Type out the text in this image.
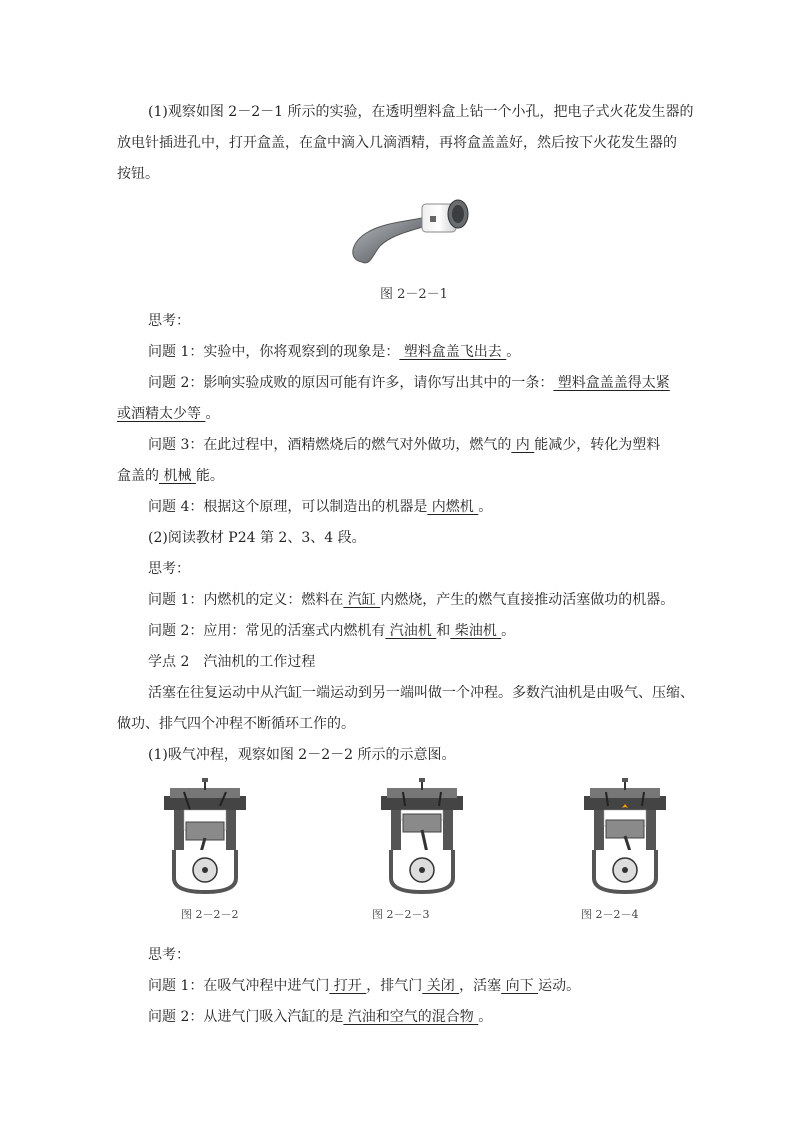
(1)观察如图 2－2－1 所示的实验，在透明塑料盒上钻一个小孔，把电子式火花发生器的
放电针插进孔中，打开盒盖，在盒中滴入几滴酒精，再将盒盖盖好，然后按下火花发生器的
按钮。
图 2－2－1
思考：
问题 1：实验中，你将观察到的现象是： 塑料盒盖飞出去 。
问题 2：影响实验成败的原因可能有许多，请你写出其中的一条： 塑料盒盖盖得太紧
或酒精太少等 。
问题 3：在此过程中，酒精燃烧后的燃气对外做功，燃气的 内 能减少，转化为塑料
盒盖的 机械 能。
问题 4：根据这个原理，可以制造出的机器是 内燃机 。
(2)阅读教材 P24 第 2、3、4 段。
思考：
问题 1：内燃机的定义：燃料在 汽缸 内燃烧，产生的燃气直接推动活塞做功的机器。
问题 2：应用：常见的活塞式内燃机有 汽油机 和 柴油机 。
学点 2　汽油机的工作过程
活塞在往复运动中从汽缸一端运动到另一端叫做一个冲程。多数汽油机是由吸气、压缩、
做功、排气四个冲程不断循环工作的。
(1)吸气冲程，观察如图 2－2－2 所示的示意图。
图 2－2－2	图 2－2－3	图 2－2－4
思考：
问题 1：在吸气冲程中进气门 打开 ，排气门 关闭 ，活塞 向下 运动。
问题 2：从进气门吸入汽缸的是 汽油和空气的混合物 。
